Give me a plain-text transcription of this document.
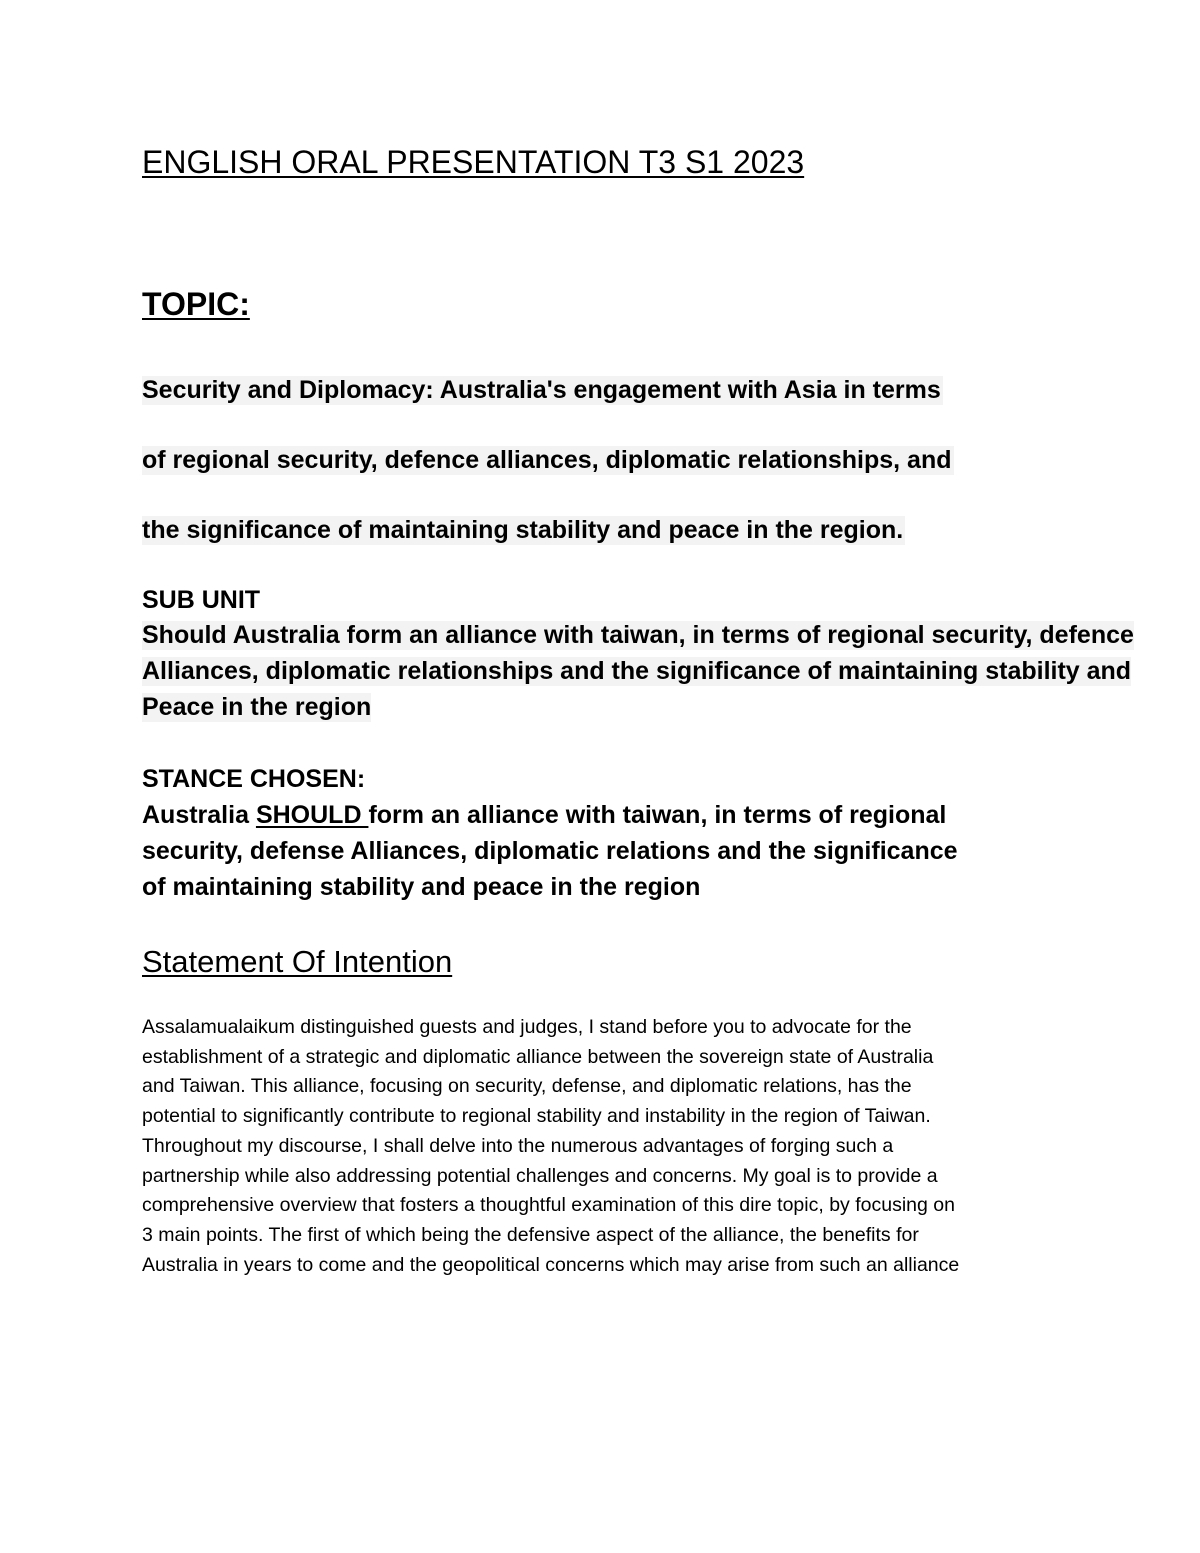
ENGLISH ORAL PRESENTATION T3 S1 2023
TOPIC:
Security and Diplomacy: Australia's engagement with Asia in terms
of regional security, defence alliances, diplomatic relationships, and
the significance of maintaining stability and peace in the region.
SUB UNIT
Should Australia form an alliance with taiwan, in terms of regional security, defence
Alliances, diplomatic relationships and the significance of maintaining stability and
Peace in the region
STANCE CHOSEN:
Australia SHOULD form an alliance with taiwan, in terms of regional
security, defense Alliances, diplomatic relations and the significance
of maintaining stability and peace in the region
Statement Of Intention
Assalamualaikum distinguished guests and judges, I stand before you to advocate for the
establishment of a strategic and diplomatic alliance between the sovereign state of Australia
and Taiwan. This alliance, focusing on security, defense, and diplomatic relations, has the
potential to significantly contribute to regional stability and instability in the region of Taiwan.
Throughout my discourse, I shall delve into the numerous advantages of forging such a
partnership while also addressing potential challenges and concerns. My goal is to provide a
comprehensive overview that fosters a thoughtful examination of this dire topic, by focusing on
3 main points. The first of which being the defensive aspect of the alliance, the benefits for
Australia in years to come and the geopolitical concerns which may arise from such an alliance
